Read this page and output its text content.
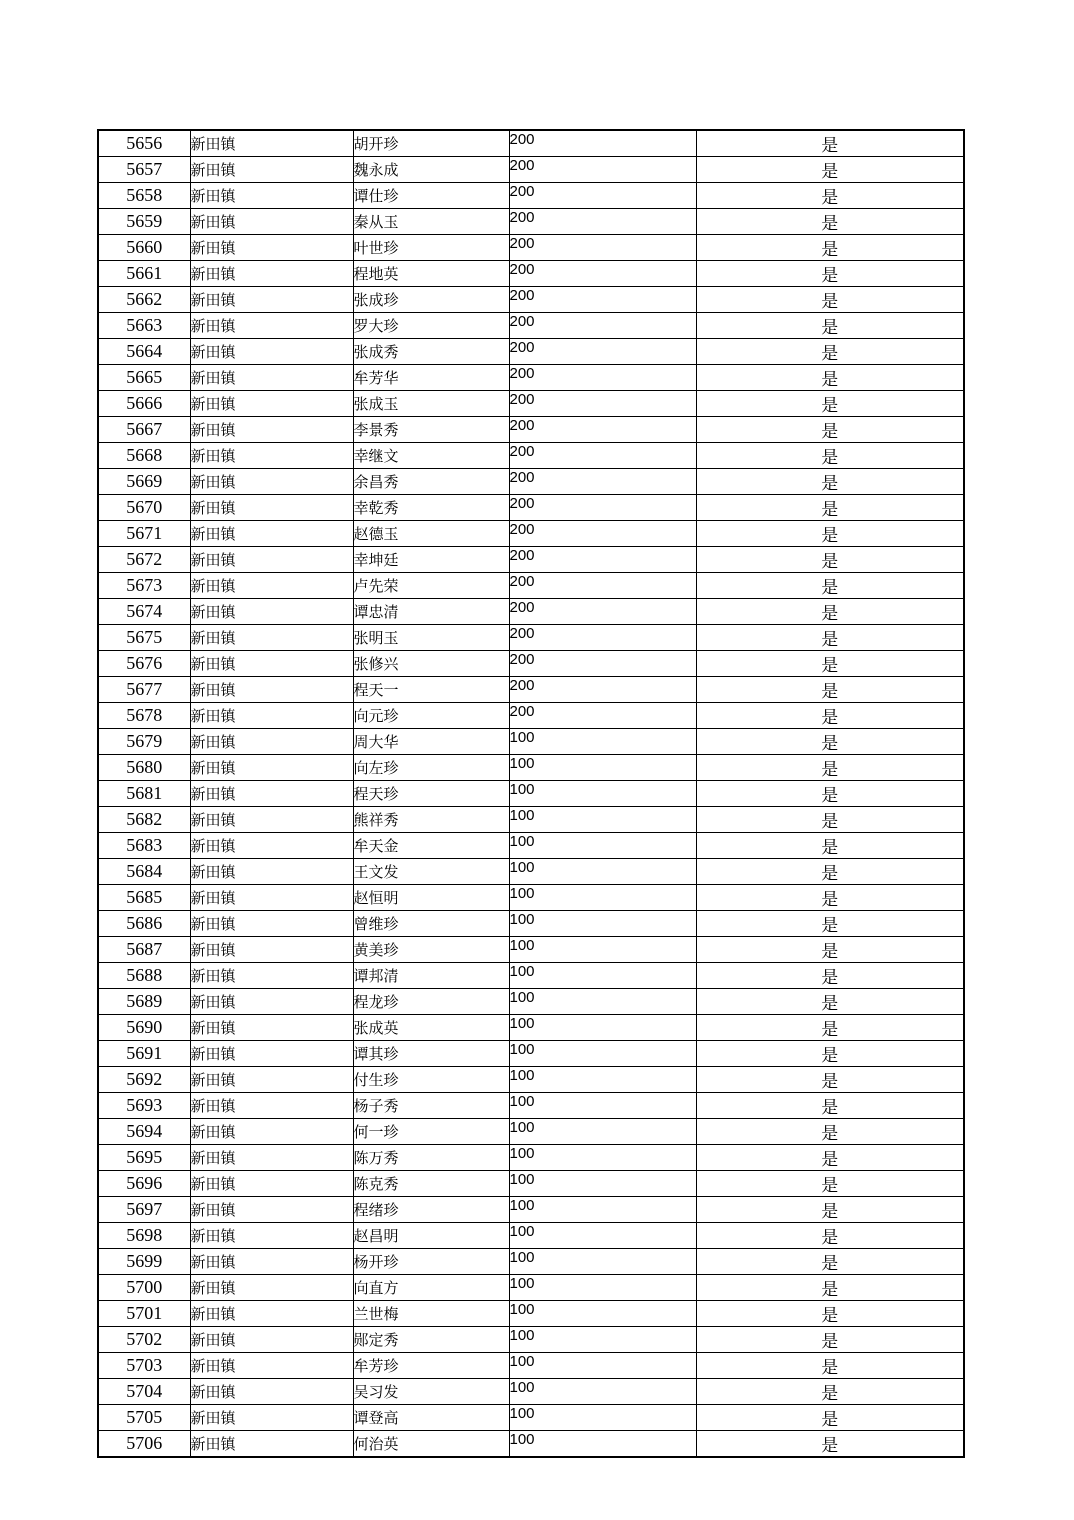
5656	新田镇	胡开珍	200	是
5657	新田镇	魏永成	200	是
5658	新田镇	谭仕珍	200	是
5659	新田镇	秦从玉	200	是
5660	新田镇	叶世珍	200	是
5661	新田镇	程地英	200	是
5662	新田镇	张成珍	200	是
5663	新田镇	罗大珍	200	是
5664	新田镇	张成秀	200	是
5665	新田镇	牟芳华	200	是
5666	新田镇	张成玉	200	是
5667	新田镇	李景秀	200	是
5668	新田镇	幸继文	200	是
5669	新田镇	余昌秀	200	是
5670	新田镇	幸乾秀	200	是
5671	新田镇	赵德玉	200	是
5672	新田镇	幸坤廷	200	是
5673	新田镇	卢先荣	200	是
5674	新田镇	谭忠清	200	是
5675	新田镇	张明玉	200	是
5676	新田镇	张修兴	200	是
5677	新田镇	程天一	200	是
5678	新田镇	向元珍	200	是
5679	新田镇	周大华	100	是
5680	新田镇	向左珍	100	是
5681	新田镇	程天珍	100	是
5682	新田镇	熊祥秀	100	是
5683	新田镇	牟天金	100	是
5684	新田镇	王文发	100	是
5685	新田镇	赵恒明	100	是
5686	新田镇	曾维珍	100	是
5687	新田镇	黄美珍	100	是
5688	新田镇	谭邦清	100	是
5689	新田镇	程龙珍	100	是
5690	新田镇	张成英	100	是
5691	新田镇	谭其珍	100	是
5692	新田镇	付生珍	100	是
5693	新田镇	杨子秀	100	是
5694	新田镇	何一珍	100	是
5695	新田镇	陈万秀	100	是
5696	新田镇	陈克秀	100	是
5697	新田镇	程绪珍	100	是
5698	新田镇	赵昌明	100	是
5699	新田镇	杨开珍	100	是
5700	新田镇	向直方	100	是
5701	新田镇	兰世梅	100	是
5702	新田镇	郧定秀	100	是
5703	新田镇	牟芳珍	100	是
5704	新田镇	吴习发	100	是
5705	新田镇	谭登高	100	是
5706	新田镇	何治英	100	是
